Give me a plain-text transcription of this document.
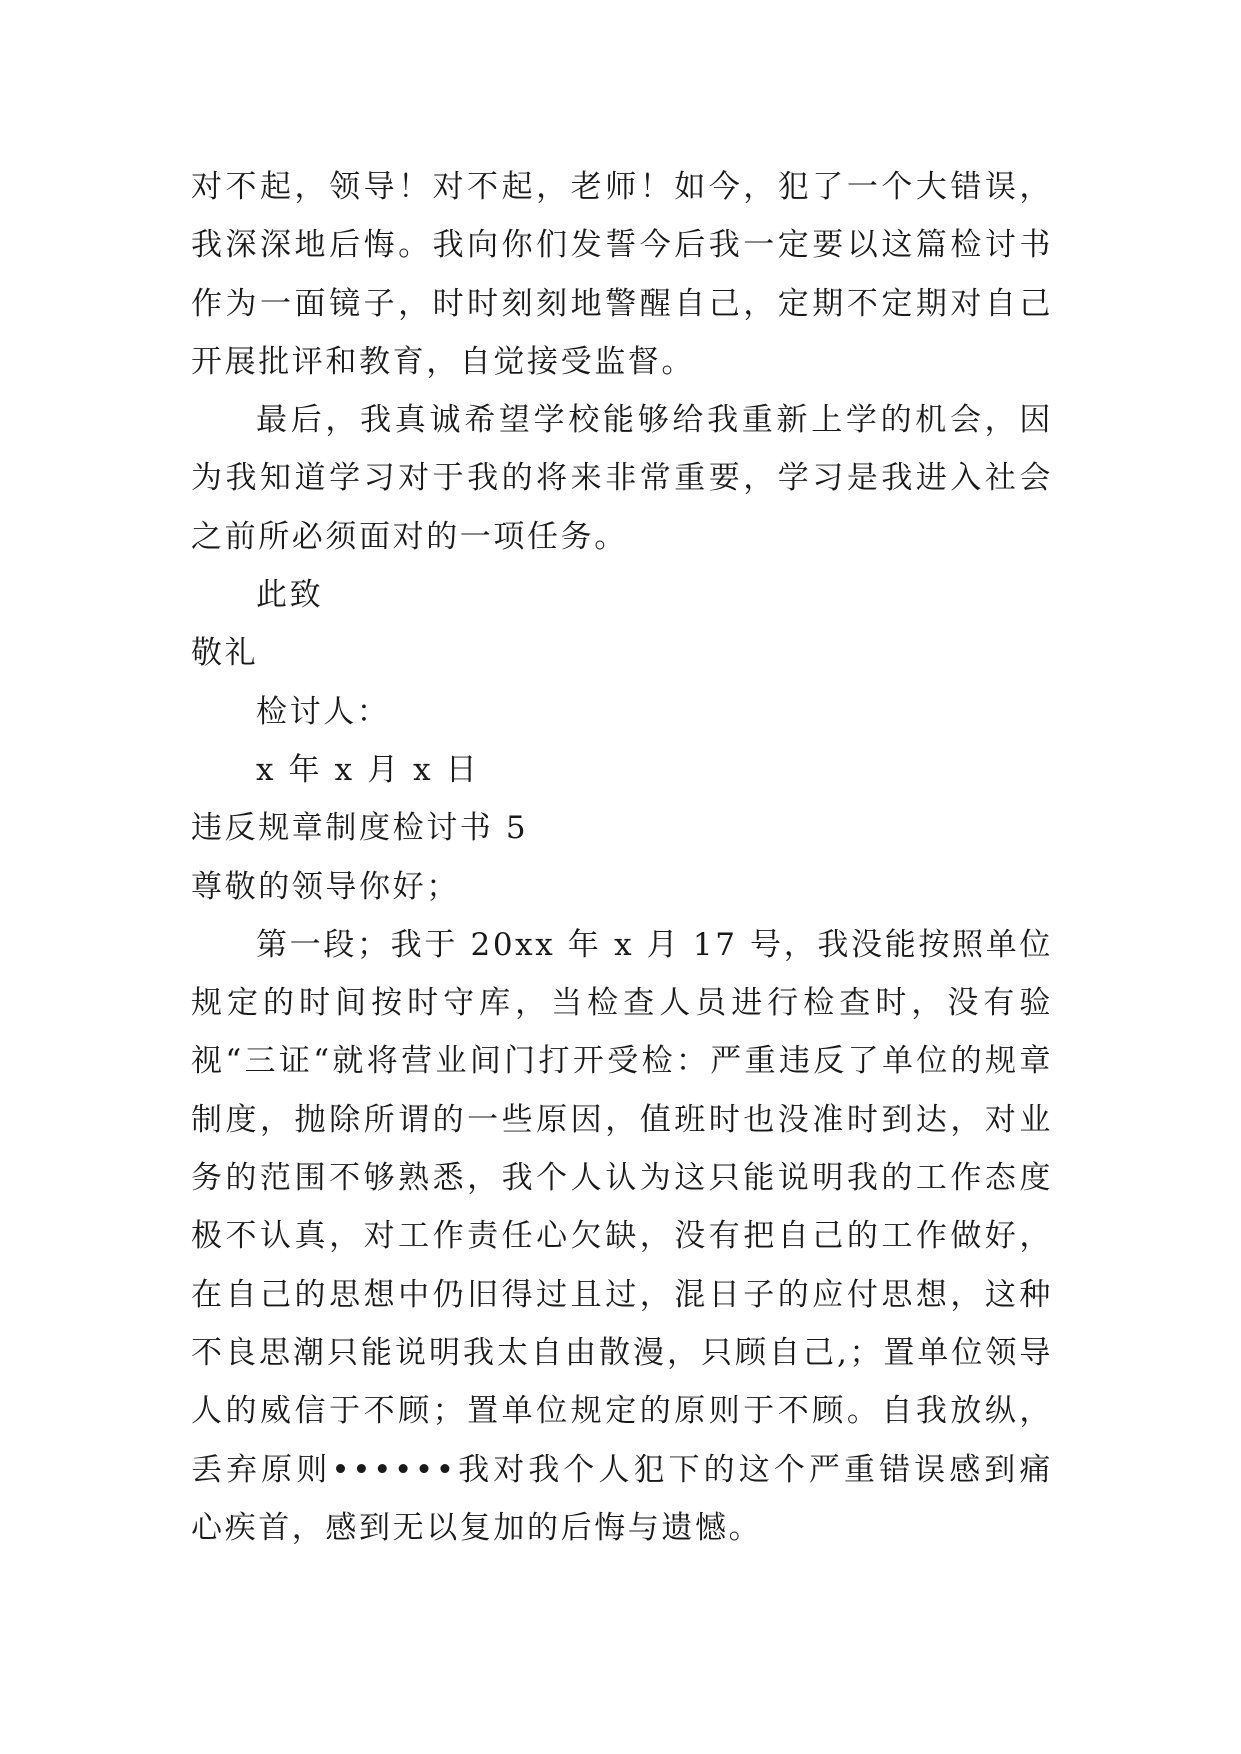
对不起，领导！对不起，老师！如今，犯了一个大错误，我深深地后悔。我向你们发誓今后我一定要以这篇检讨书作为一面镜子，时时刻刻地警醒自己，定期不定期对自己开展批评和教育，自觉接受监督。

最后，我真诚希望学校能够给我重新上学的机会，因为我知道学习对于我的将来非常重要，学习是我进入社会之前所必须面对的一项任务。

此致

敬礼

检讨人：

x 年 x 月 x 日

违反规章制度检讨书 5

尊敬的领导你好；

第一段；我于 20xx 年 x 月 17 号，我没能按照单位规定的时间按时守库，当检查人员进行检查时，没有验视“三证“就将营业间门打开受检：严重违反了单位的规章制度，抛除所谓的一些原因，值班时也没准时到达，对业务的范围不够熟悉，我个人认为这只能说明我的工作态度极不认真，对工作责任心欠缺，没有把自己的工作做好，在自己的思想中仍旧得过且过，混日子的应付思想，这种不良思潮只能说明我太自由散漫，只顾自己,；置单位领导人的威信于不顾；置单位规定的原则于不顾。自我放纵，丢弃原则••••••我对我个人犯下的这个严重错误感到痛心疾首，感到无以复加的后悔与遗憾。
